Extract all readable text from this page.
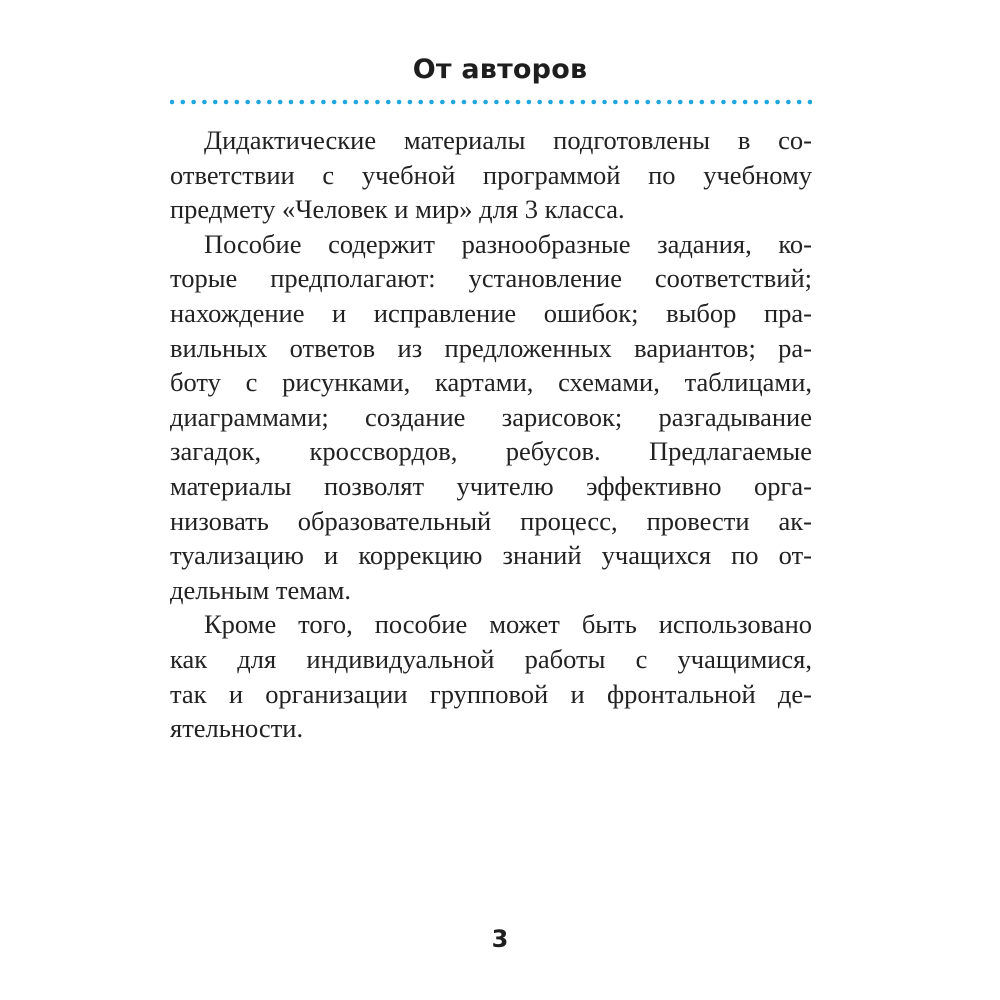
От авторов
Дидактические материалы подготовлены в со-
ответствии с учебной программой по учебному
предмету «Человек и мир» для 3 класса.
Пособие содержит разнообразные задания, ко-
торые предполагают: установление соответствий;
нахождение и исправление ошибок; выбор пра-
вильных ответов из предложенных вариантов; ра-
боту с рисунками, картами, схемами, таблицами,
диаграммами; создание зарисовок; разгадывание
загадок, кроссвордов, ребусов. Предлагаемые
материалы позволят учителю эффективно орга-
низовать образовательный процесс, провести ак-
туализацию и коррекцию знаний учащихся по от-
дельным темам.
Кроме того, пособие может быть использовано
как для индивидуальной работы с учащимися,
так и организации групповой и фронтальной де-
ятельности.
3
